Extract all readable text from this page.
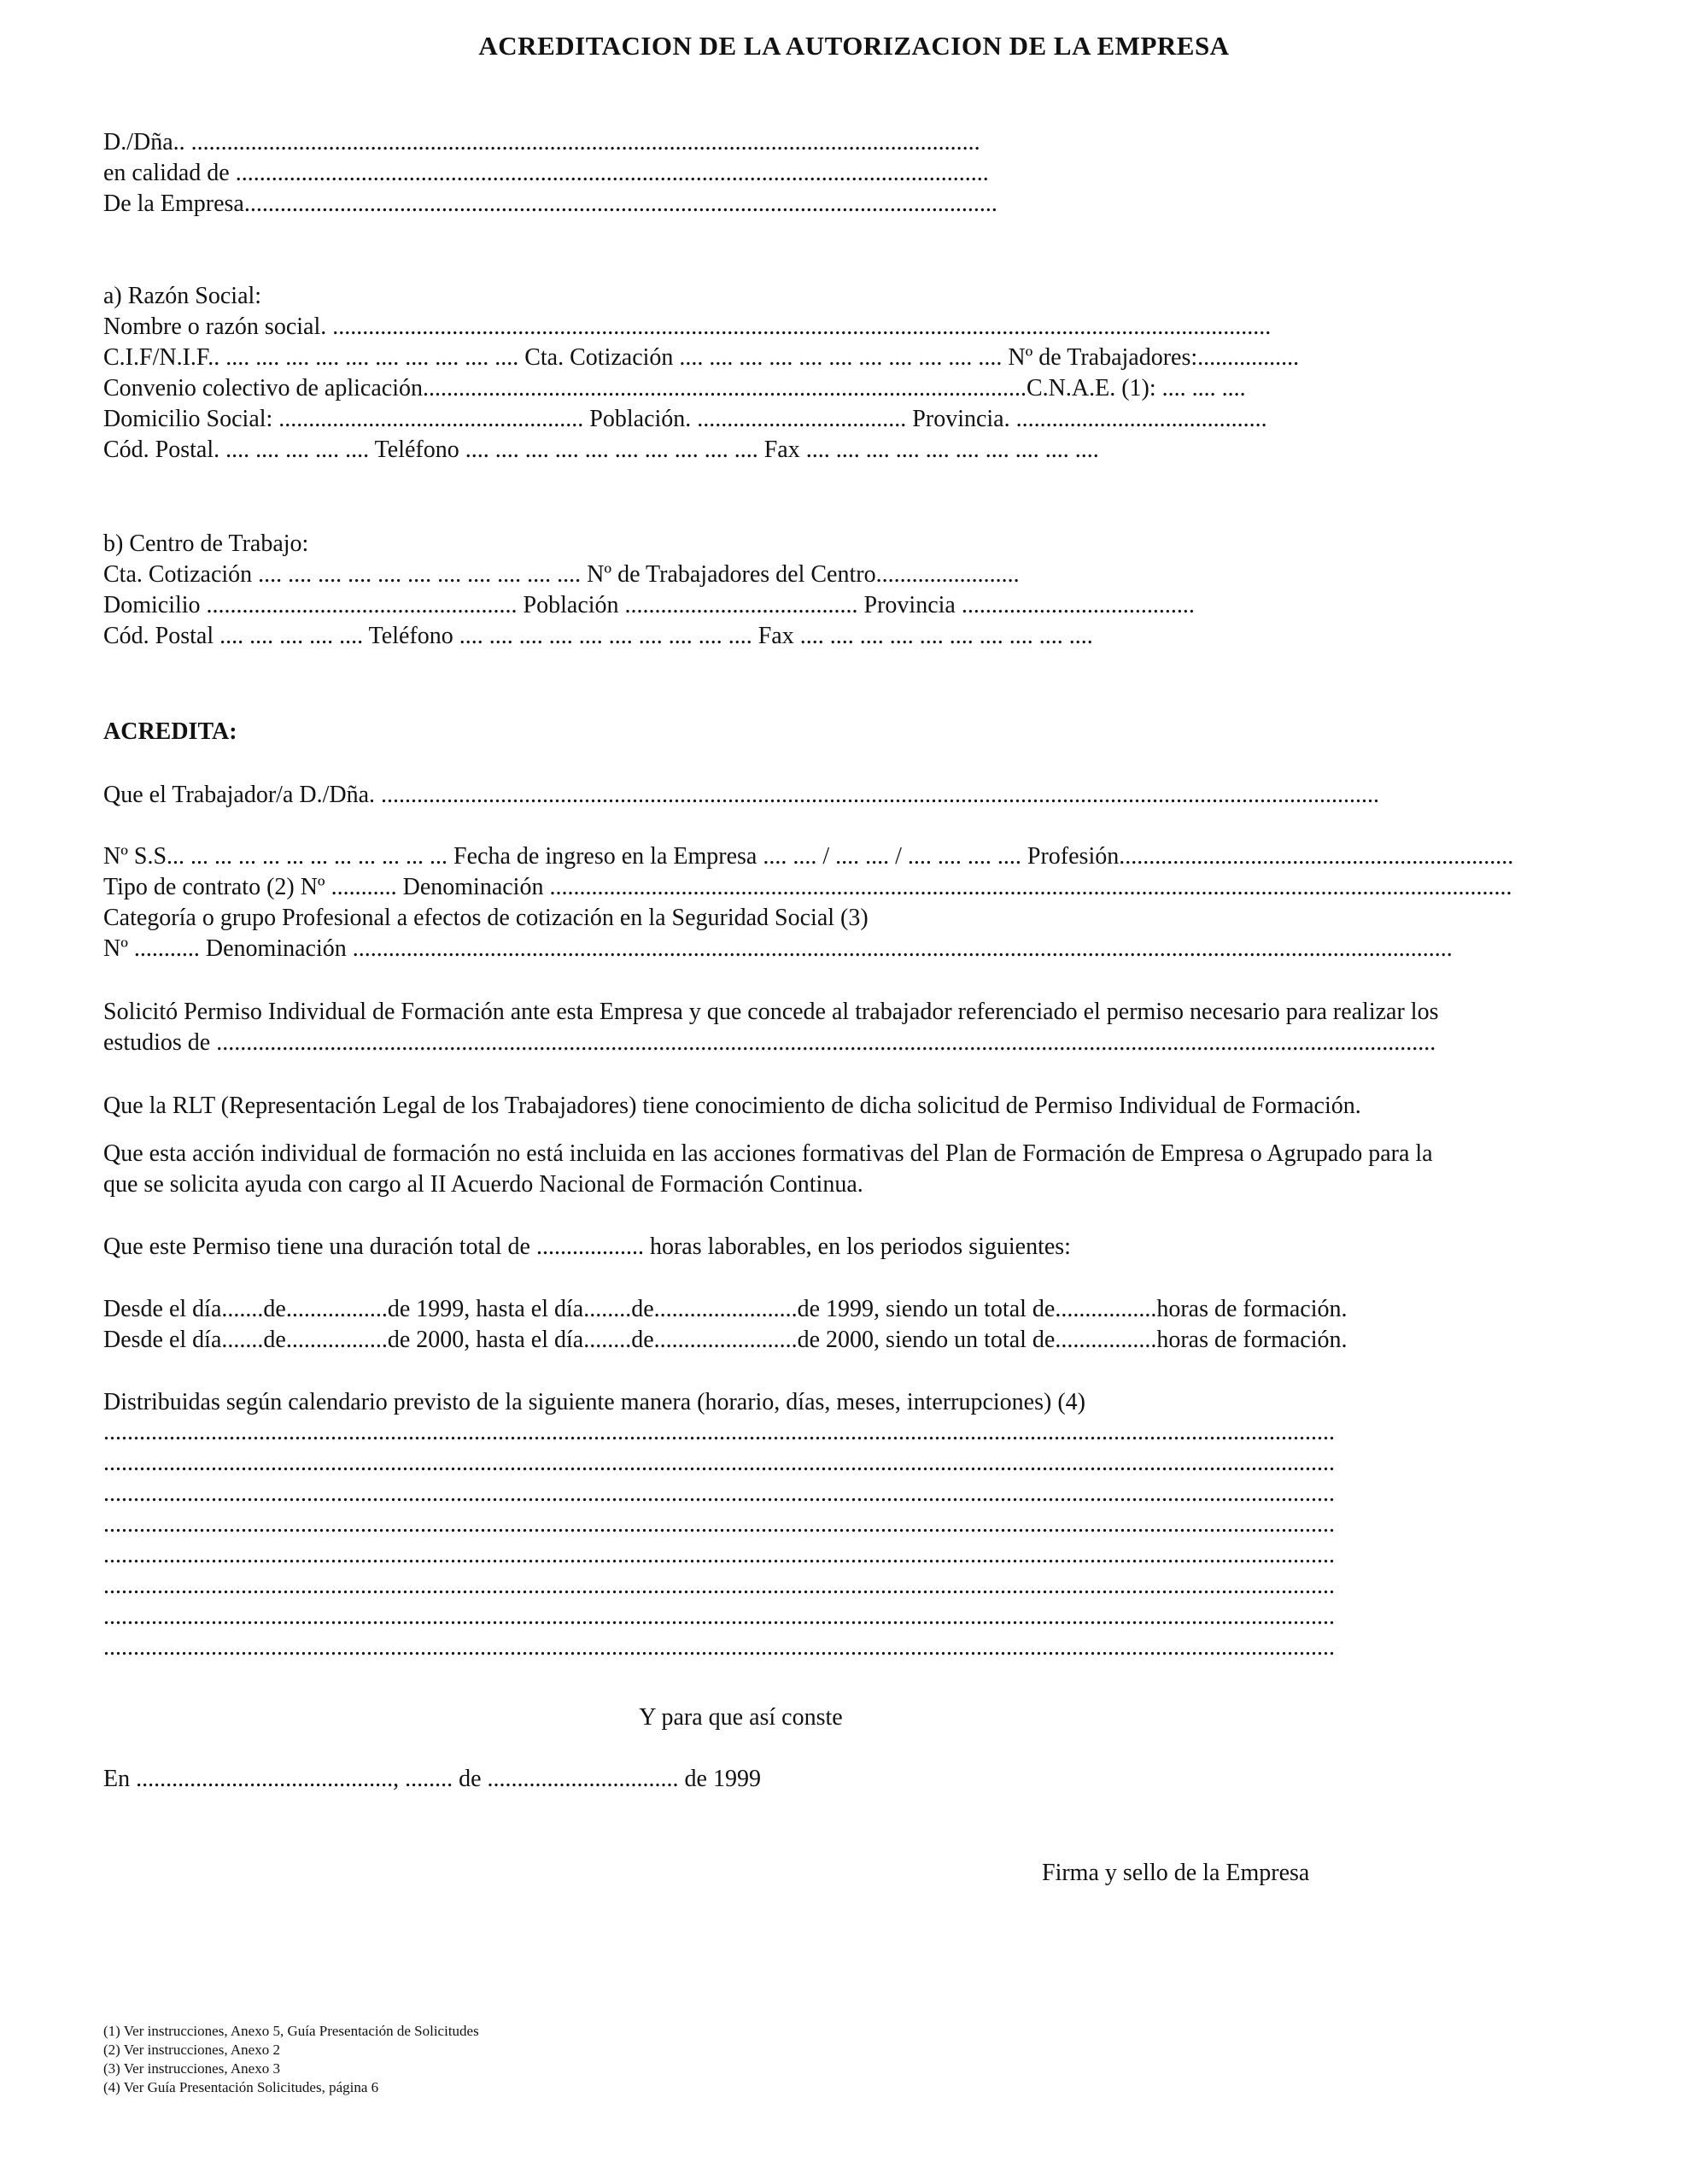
ACREDITACION DE LA AUTORIZACION DE LA EMPRESA
D./Dña.. ....................................................................................................................................
en calidad de ..............................................................................................................................
De la Empresa..............................................................................................................................
a) Razón Social:
Nombre o razón social. .............................................................................................................................................................
C.I.F/N.I.F.. .... .... .... .... .... .... .... .... .... .... Cta. Cotización .... .... .... .... .... .... .... .... .... .... .... Nº de Trabajadores:.................
Convenio colectivo de aplicación.....................................................................................................C.N.A.E. (1): .... .... ....
Domicilio Social: ................................................... Población. ................................... Provincia. ..........................................
Cód. Postal. .... .... .... .... .... Teléfono .... .... .... .... .... .... .... .... .... .... Fax .... .... .... .... .... .... .... .... .... ....
b) Centro de Trabajo:
Cta. Cotización .... .... .... .... .... .... .... .... .... .... .... Nº de Trabajadores del Centro........................
Domicilio .................................................... Población ....................................... Provincia .......................................
Cód. Postal .... .... .... .... .... Teléfono .... .... .... .... .... .... .... .... .... .... Fax .... .... .... .... .... .... .... .... .... ....
ACREDITA:
Que el Trabajador/a D./Dña. .......................................................................................................................................................................
Nº S.S... ... ... ... ... ... ... ... ... ... ... ... Fecha de ingreso en la Empresa .... .... / .... .... / .... .... .... .... Profesión..................................................................
Tipo de contrato (2) Nº ........... Denominación .................................................................................................................................................................
Categoría o grupo Profesional a efectos de cotización en la Seguridad Social (3)
Nº ........... Denominación ........................................................................................................................................................................................
Solicitó Permiso Individual de Formación ante esta Empresa y que concede al trabajador referenciado el permiso necesario para realizar los
estudios de ............................................................................................................................................................................................................
Que la RLT (Representación Legal de los Trabajadores) tiene conocimiento de dicha solicitud de Permiso Individual de Formación.
Que esta acción individual de formación no está incluida en las acciones formativas del Plan de Formación de Empresa o Agrupado para la
que se solicita ayuda con cargo al II Acuerdo Nacional de Formación Continua.
Que este Permiso tiene una duración total de .................. horas laborables, en los periodos siguientes:
Desde el día.......de.................de 1999, hasta el día........de........................de 1999, siendo un total de.................horas de formación.
Desde el día.......de.................de 2000, hasta el día........de........................de 2000, siendo un total de.................horas de formación.
Distribuidas según calendario previsto de la siguiente manera (horario, días, meses, interrupciones) (4)
..............................................................................................................................................................................................................
..............................................................................................................................................................................................................
..............................................................................................................................................................................................................
..............................................................................................................................................................................................................
..............................................................................................................................................................................................................
..............................................................................................................................................................................................................
..............................................................................................................................................................................................................
..............................................................................................................................................................................................................
Y para que así conste
En ..........................................., ........ de ................................ de 1999
Firma y sello de la Empresa
(1) Ver instrucciones, Anexo 5, Guía Presentación de Solicitudes
(2) Ver instrucciones, Anexo 2
(3) Ver instrucciones, Anexo 3
(4) Ver Guía Presentación Solicitudes, página 6
